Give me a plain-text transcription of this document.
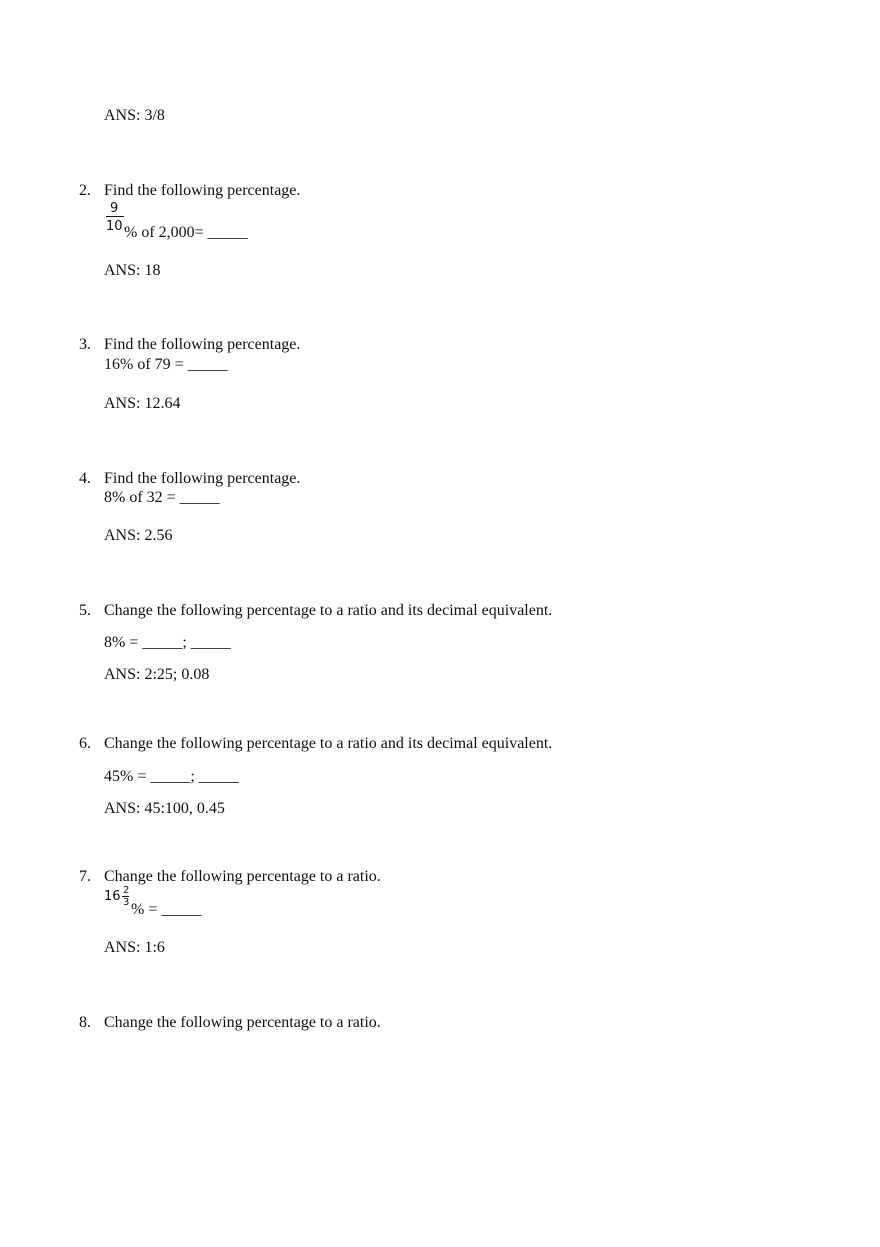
ANS: 3/8
2. Find the following percentage.
9
10 % of 2,000= _____
ANS: 18
3. Find the following percentage.
16% of 79 = _____
ANS: 12.64
4. Find the following percentage.
8% of 32 = _____
ANS: 2.56
5. Change the following percentage to a ratio and its decimal equivalent.
8% = _____; _____
ANS: 2:25; 0.08
6. Change the following percentage to a ratio and its decimal equivalent.
45% = _____; _____
ANS: 45:100, 0.45
7. Change the following percentage to a ratio.
16 2
3 % = _____
ANS: 1:6
8. Change the following percentage to a ratio.
